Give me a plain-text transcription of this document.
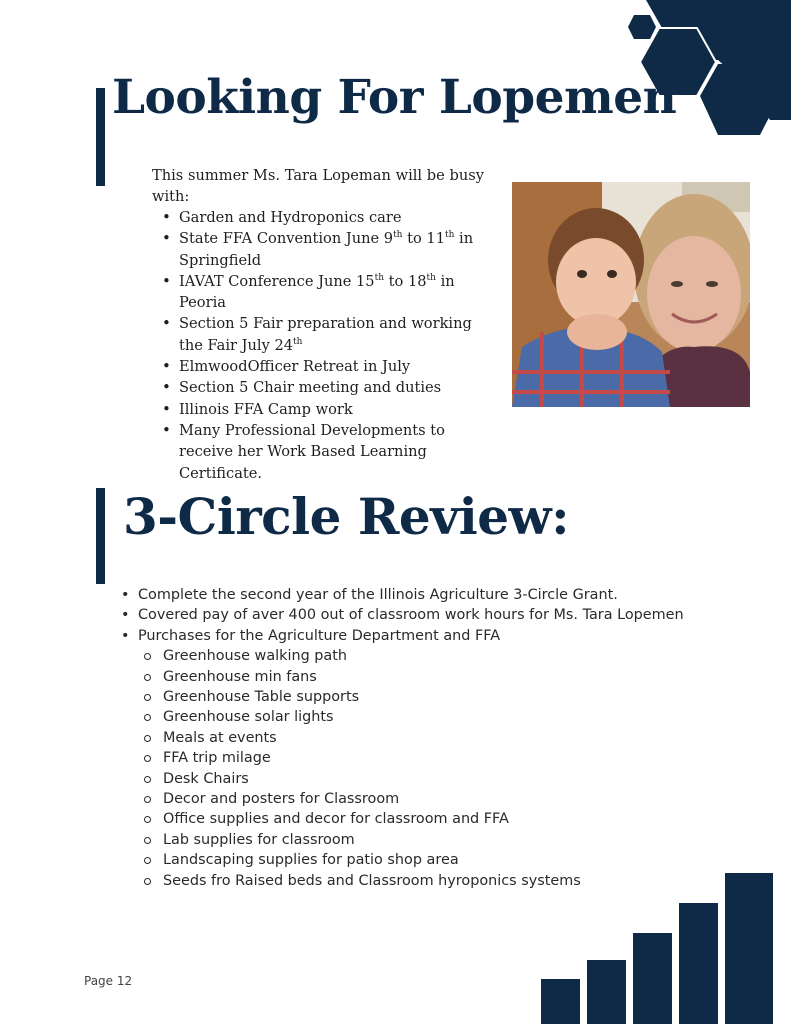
Looking For Lopemen
This summer Ms. Tara Lopeman will be busy with:
• Garden and Hydroponics care
• State FFA Convention June 9th to 11th in Springfield
• IAVAT Conference June 15th to 18th in Peoria
• Section 5 Fair preparation and working the Fair July 24th
• ElmwoodOfficer Retreat in July
• Section 5 Chair meeting and duties
• Illinois FFA Camp work
• Many Professional Developments to receive her Work Based Learning Certificate.
3-Circle Review:
• Complete the second year of the Illinois Agriculture 3-Circle Grant.
• Covered pay of aver 400 out of classroom work hours for Ms. Tara Lopemen
• Purchases for the Agriculture Department and FFA
Greenhouse walking path
Greenhouse min fans
Greenhouse Table supports
Greenhouse solar lights
Meals at events
FFA trip milage
Desk Chairs
Decor and posters for Classroom
Office supplies and decor for classroom and FFA
Lab supplies for classroom
Landscaping supplies for patio shop area
Seeds fro Raised beds and Classroom hyroponics systems
Page 12
